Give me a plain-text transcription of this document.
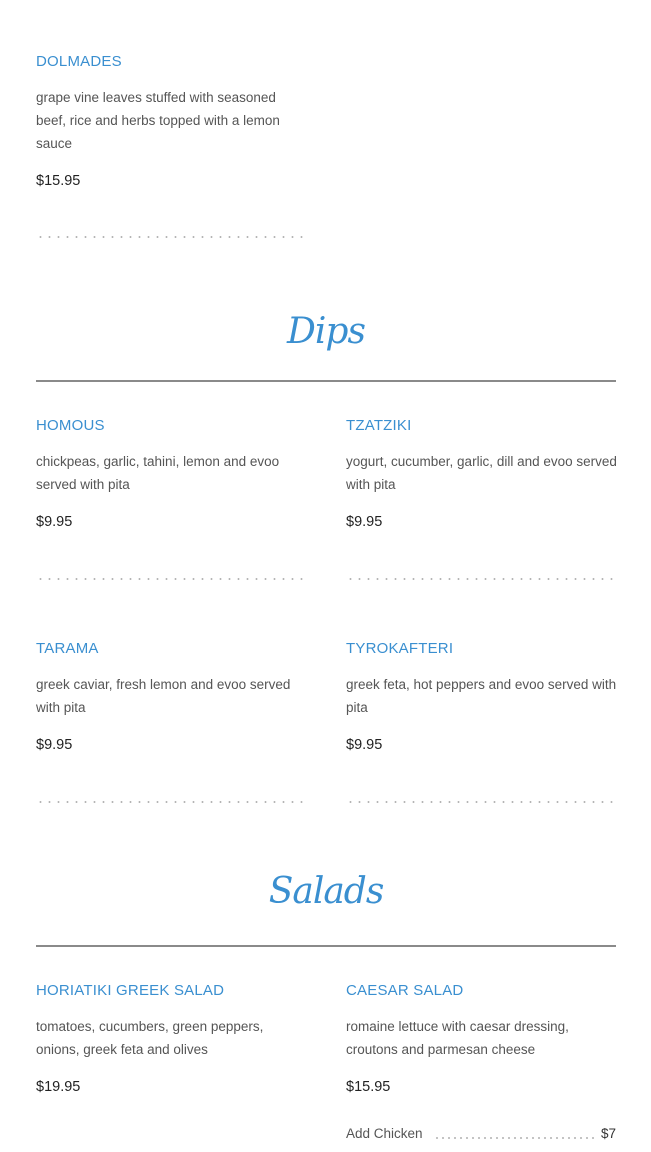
DOLMADES
grape vine leaves stuffed with seasoned beef, rice and herbs topped with a lemon sauce
$15.95
Dips
HOMOUS
chickpeas, garlic, tahini, lemon and evoo served with pita
$9.95
TZATZIKI
yogurt, cucumber, garlic, dill and evoo served with pita
$9.95
TARAMA
greek caviar, fresh lemon and evoo served with pita
$9.95
TYROKAFTERI
greek feta, hot peppers and evoo served with pita
$9.95
Salads
HORIATIKI GREEK SALAD
tomatoes, cucumbers, green peppers, onions, greek feta and olives
$19.95
CAESAR SALAD
romaine lettuce with caesar dressing, croutons and parmesan cheese
$15.95
Add Chicken	$7
